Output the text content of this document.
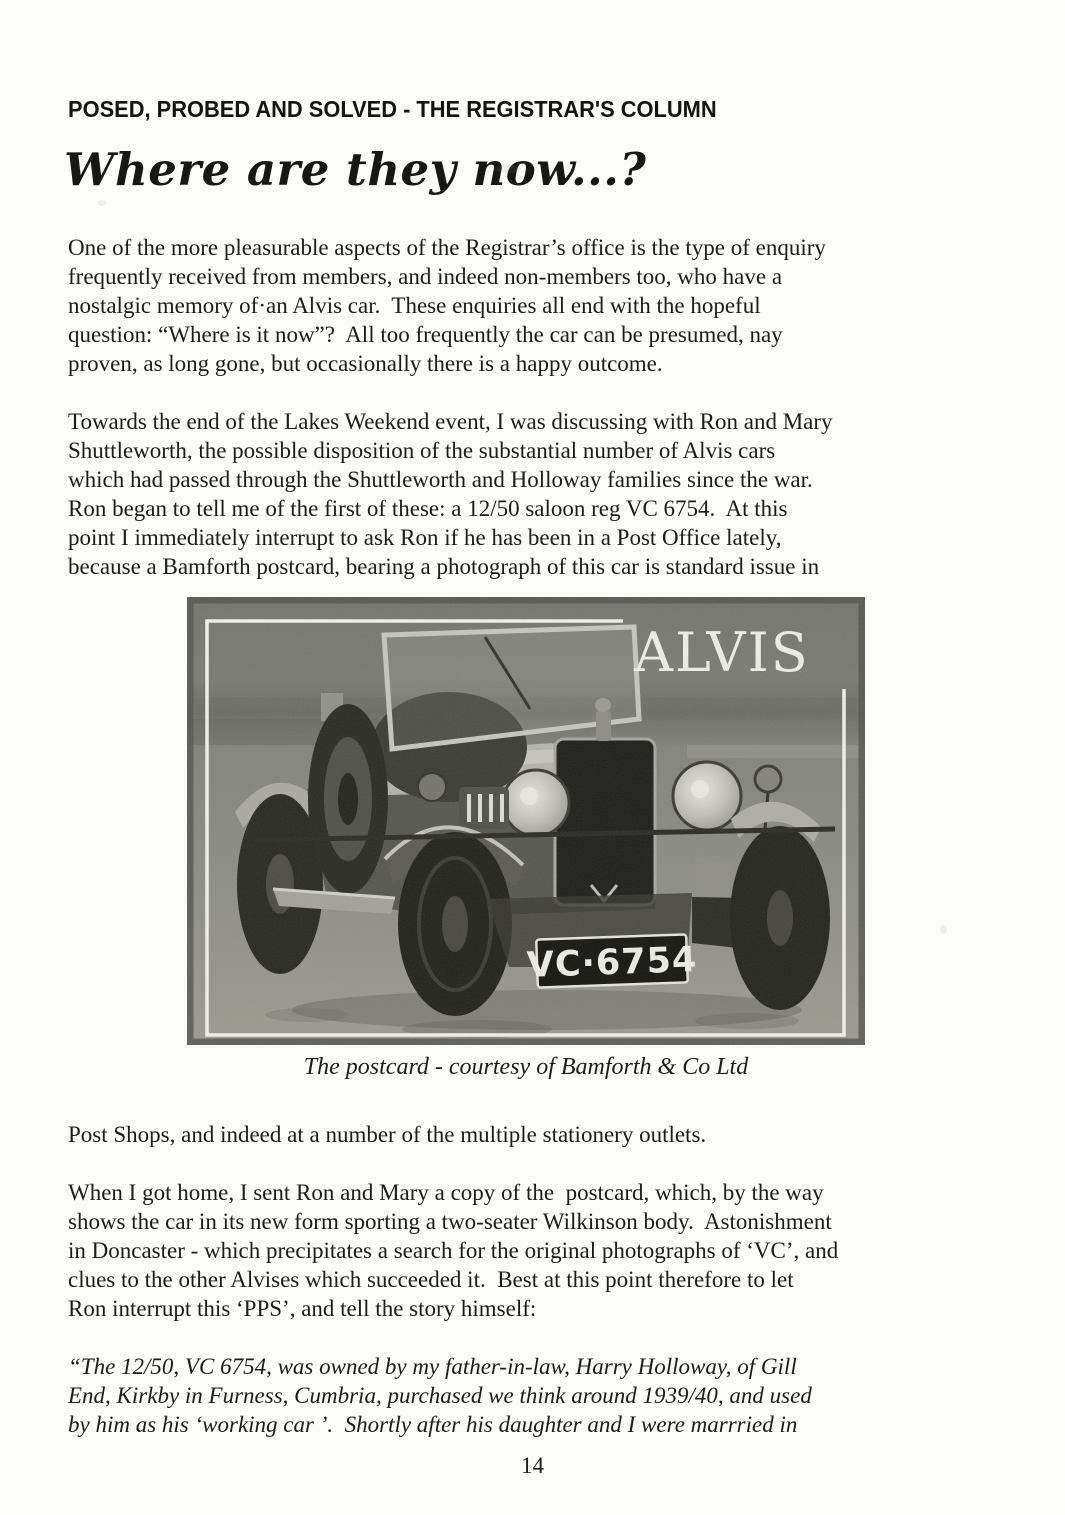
POSED, PROBED AND SOLVED - THE REGISTRAR'S COLUMN
Where are they now...?

One of the more pleasurable aspects of the Registrar’s office is the type of enquiry
frequently received from members, and indeed non-members too, who have a
nostalgic memory of·an Alvis car.  These enquiries all end with the hopeful
question: “Where is it now”?  All too frequently the car can be presumed, nay
proven, as long gone, but occasionally there is a happy outcome.

Towards the end of the Lakes Weekend event, I was discussing with Ron and Mary
Shuttleworth, the possible disposition of the substantial number of Alvis cars
which had passed through the Shuttleworth and Holloway families since the war.
Ron began to tell me of the first of these: a 12/50 saloon reg VC 6754.  At this
point I immediately interrupt to ask Ron if he has been in a Post Office lately,
because a Bamforth postcard, bearing a photograph of this car is standard issue in

VC·6754
ALVIS
The postcard - courtesy of Bamforth & Co Ltd

Post Shops, and indeed at a number of the multiple stationery outlets.

When I got home, I sent Ron and Mary a copy of the  postcard, which, by the way
shows the car in its new form sporting a two-seater Wilkinson body.  Astonishment
in Doncaster - which precipitates a search for the original photographs of ‘VC’, and
clues to the other Alvises which succeeded it.  Best at this point therefore to let
Ron interrupt this ‘PPS’, and tell the story himself:

“The 12/50, VC 6754, was owned by my father-in-law, Harry Holloway, of Gill
End, Kirkby in Furness, Cumbria, purchased we think around 1939/40, and used
by him as his ‘working car ’.  Shortly after his daughter and I were marrried in

14
